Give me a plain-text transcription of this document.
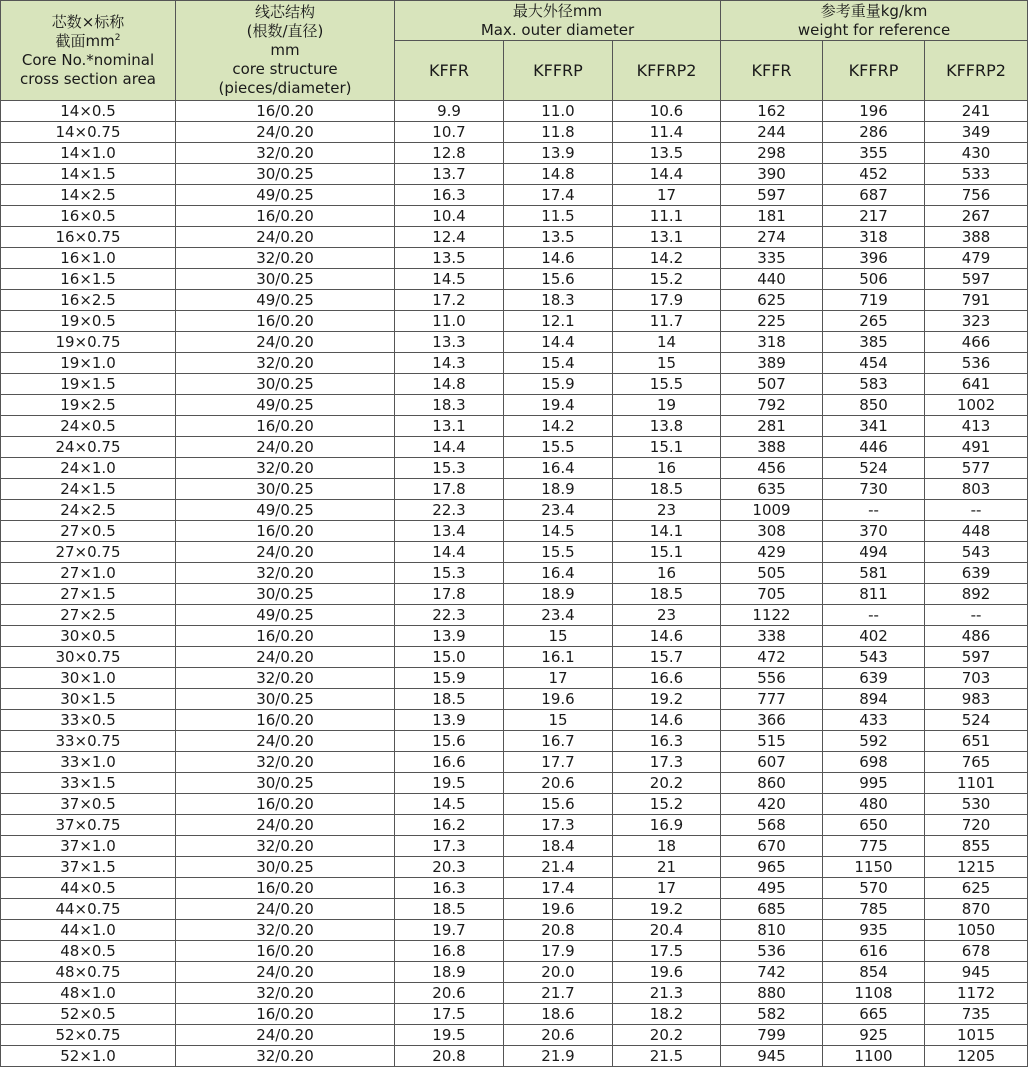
芯数×标称
截面$mm^2$
Core No.*nominal
cross section area	线芯结构
(根数/直径)
mm
core structure
(pieces/diameter)	最大外径mm
Max. outer diameter			参考重量kg/km
weight for reference		

		KFFR	KFFRP	KFFRP2	KFFR	KFFRP	KFFRP2
14×0.5	16/0.20	9.9	11.0	10.6	162	196	241
14×0.75	24/0.20	10.7	11.8	11.4	244	286	349
14×1.0	32/0.20	12.8	13.9	13.5	298	355	430
14×1.5	30/0.25	13.7	14.8	14.4	390	452	533
14×2.5	49/0.25	16.3	17.4	17	597	687	756
16×0.5	16/0.20	10.4	11.5	11.1	181	217	267
16×0.75	24/0.20	12.4	13.5	13.1	274	318	388
16×1.0	32/0.20	13.5	14.6	14.2	335	396	479
16×1.5	30/0.25	14.5	15.6	15.2	440	506	597
16×2.5	49/0.25	17.2	18.3	17.9	625	719	791
19×0.5	16/0.20	11.0	12.1	11.7	225	265	323
19×0.75	24/0.20	13.3	14.4	14	318	385	466
19×1.0	32/0.20	14.3	15.4	15	389	454	536
19×1.5	30/0.25	14.8	15.9	15.5	507	583	641
19×2.5	49/0.25	18.3	19.4	19	792	850	1002
24×0.5	16/0.20	13.1	14.2	13.8	281	341	413
24×0.75	24/0.20	14.4	15.5	15.1	388	446	491
24×1.0	32/0.20	15.3	16.4	16	456	524	577
24×1.5	30/0.25	17.8	18.9	18.5	635	730	803
24×2.5	49/0.25	22.3	23.4	23	1009	--	--
27×0.5	16/0.20	13.4	14.5	14.1	308	370	448
27×0.75	24/0.20	14.4	15.5	15.1	429	494	543
27×1.0	32/0.20	15.3	16.4	16	505	581	639
27×1.5	30/0.25	17.8	18.9	18.5	705	811	892
27×2.5	49/0.25	22.3	23.4	23	1122	--	--
30×0.5	16/0.20	13.9	15	14.6	338	402	486
30×0.75	24/0.20	15.0	16.1	15.7	472	543	597
30×1.0	32/0.20	15.9	17	16.6	556	639	703
30×1.5	30/0.25	18.5	19.6	19.2	777	894	983
33×0.5	16/0.20	13.9	15	14.6	366	433	524
33×0.75	24/0.20	15.6	16.7	16.3	515	592	651
33×1.0	32/0.20	16.6	17.7	17.3	607	698	765
33×1.5	30/0.25	19.5	20.6	20.2	860	995	1101
37×0.5	16/0.20	14.5	15.6	15.2	420	480	530
37×0.75	24/0.20	16.2	17.3	16.9	568	650	720
37×1.0	32/0.20	17.3	18.4	18	670	775	855
37×1.5	30/0.25	20.3	21.4	21	965	1150	1215
44×0.5	16/0.20	16.3	17.4	17	495	570	625
44×0.75	24/0.20	18.5	19.6	19.2	685	785	870
44×1.0	32/0.20	19.7	20.8	20.4	810	935	1050
48×0.5	16/0.20	16.8	17.9	17.5	536	616	678
48×0.75	24/0.20	18.9	20.0	19.6	742	854	945
48×1.0	32/0.20	20.6	21.7	21.3	880	1108	1172
52×0.5	16/0.20	17.5	18.6	18.2	582	665	735
52×0.75	24/0.20	19.5	20.6	20.2	799	925	1015
52×1.0	32/0.20	20.8	21.9	21.5	945	1100	1205
